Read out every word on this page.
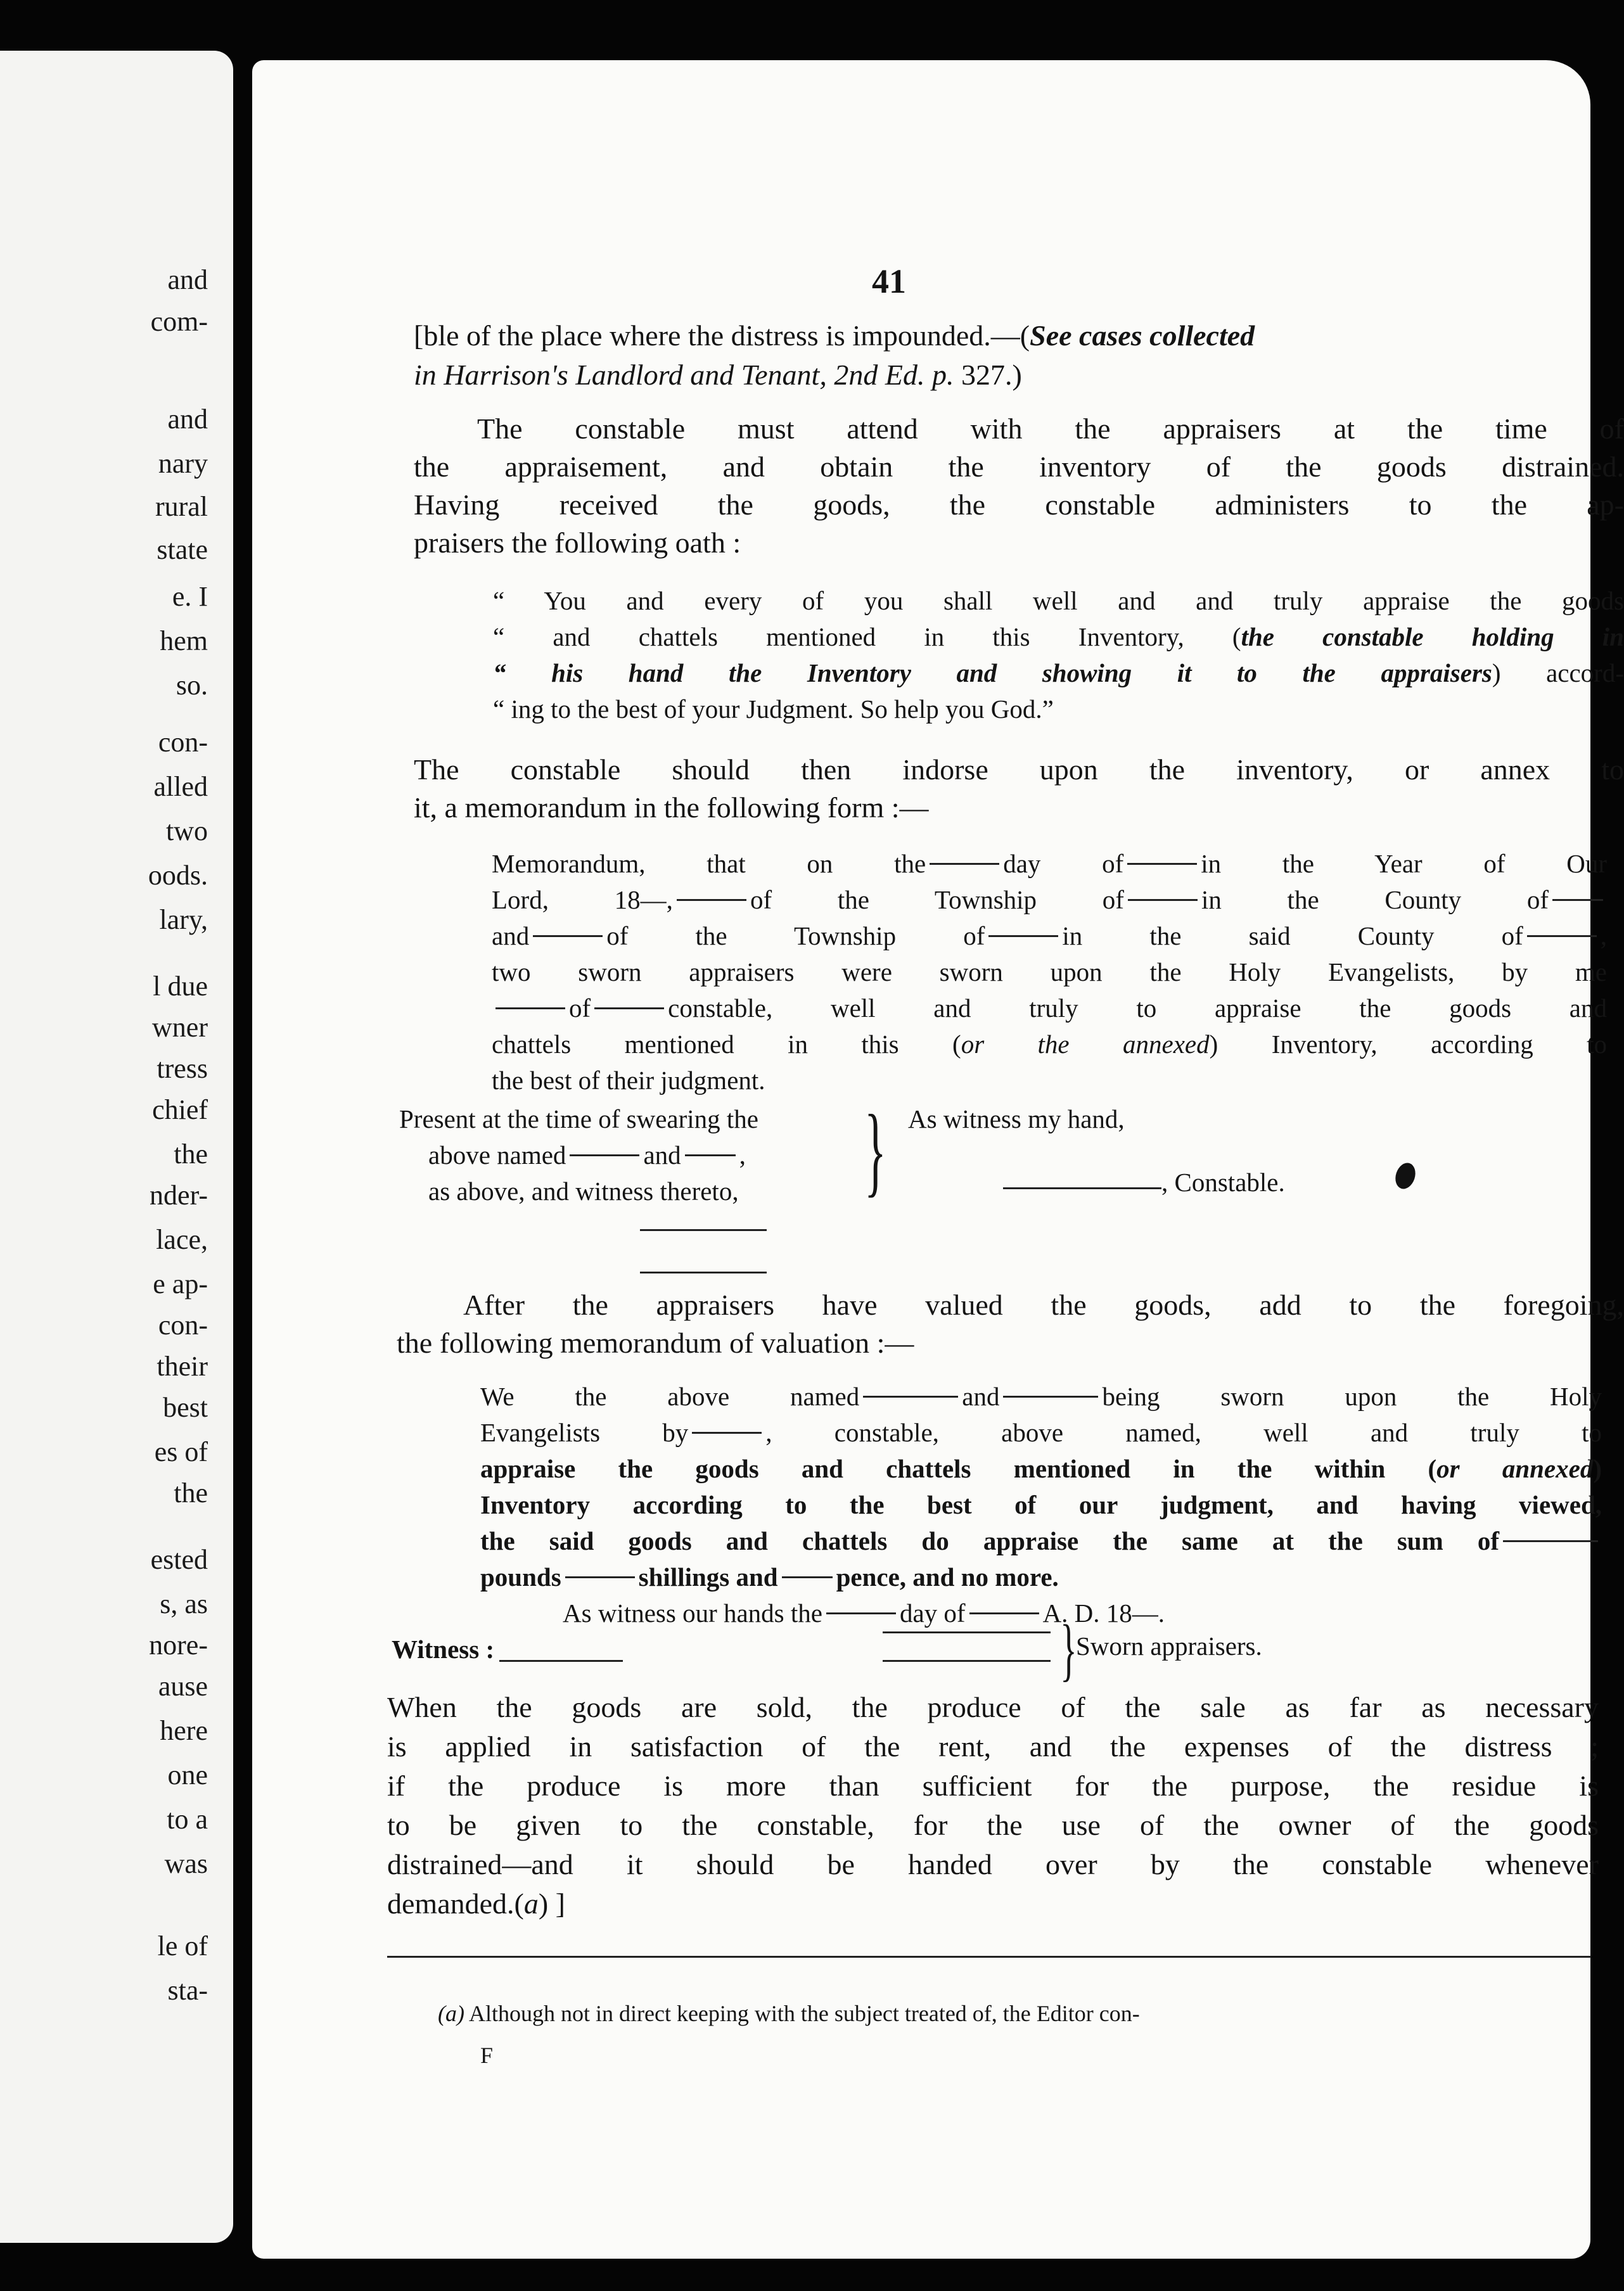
and
com-
and
nary
rural
state
e. I
hem
so.
con-
alled
two
oods.
lary,
l due
wner
tress
chief
the
nder-
lace,
e ap-
con-
their
best
es of
the
ested
s, as
nore-
ause
here
one
to a
was
le of
sta-
41
[ble of the place where the distress is impounded.—(See cases collected
in Harrison's Landlord and Tenant, 2nd Ed. p. 327.)
The constable must attend with the appraisers at the time of
the appraisement, and obtain the inventory of the goods distrained.
Having received the goods, the constable administers to the ap-
praisers the following oath :
“ You and every of you shall well and and truly appraise the goods
“ and chattels mentioned in this Inventory, (the constable holding in
“ his hand the Inventory and showing it to the appraisers) accord-
“ ing to the best of your Judgment. So help you God.”
The constable should then indorse upon the inventory, or annex to
it, a memorandum in the following form :—
Memorandum, that on the	day of	in the Year of Our
Lord, 18—,	of the Township of	in the County of
and	of the Township of	in the said County of	,
two sworn appraisers were sworn upon the Holy Evangelists, by me
of	constable, well and truly to appraise the goods and
chattels mentioned in this (or the annexed) Inventory, according to
the best of their judgment.
Present at the time of swearing the
above named	and ,
as above, and witness thereto, } As witness my hand,
, Constable.
After the appraisers have valued the goods, add to the foregoing,
the following memorandum of valuation :—
We the above named	and	being sworn upon the Holy
Evangelists by	, constable, above named, well and truly to
appraise the goods and chattels mentioned in the within (or annexed)
Inventory according to the best of our judgment, and having viewed,
the said goods and chattels do appraise the same at the sum of
pounds	shillings and pence, and no more.
As witness our hands the	day of	A. D. 18—.
Witness :	}
Sworn appraisers.
When the goods are sold, the produce of the sale as far as necessary
is applied in satisfaction of the rent, and the expenses of the distress ;
if the produce is more than sufficient for the purpose, the residue is
to be given to the constable, for the use of the owner of the goods
distrained—and it should be handed over by the constable whenever
demanded.(a) ]
(a) Although not in direct keeping with the subject treated of, the Editor con-
F
